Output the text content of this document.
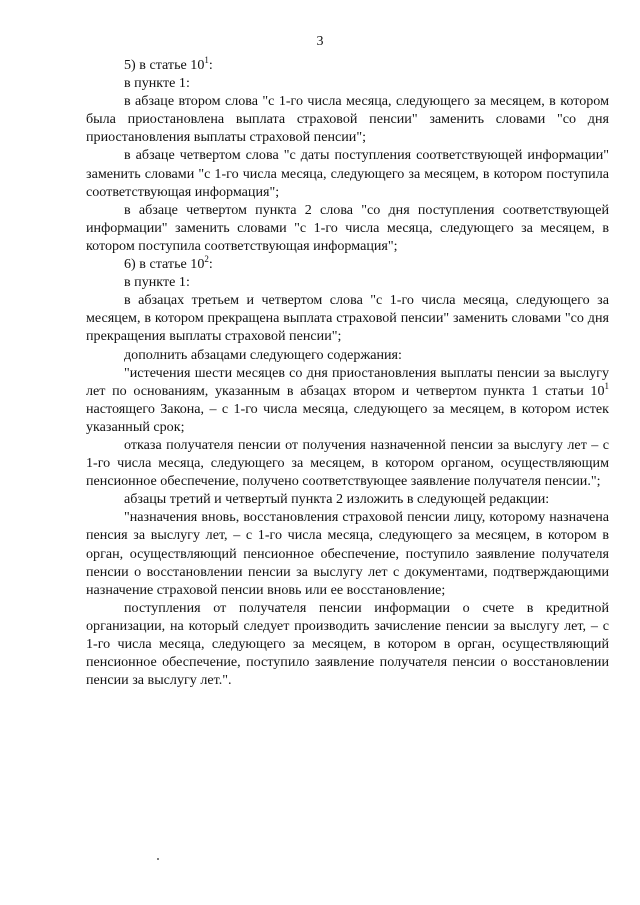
3

5) в статье $10^1$:

в пункте 1:

в абзаце втором слова "с 1-го числа месяца, следующего за месяцем, в котором была приостановлена выплата страховой пенсии" заменить словами "со дня приостановления выплаты страховой пенсии";

в абзаце четвертом слова "с даты поступления соответствующей информации" заменить словами "с 1-го числа месяца, следующего за месяцем, в котором поступила соответствующая информация";

в абзаце четвертом пункта 2 слова "со дня поступления соответствующей информации" заменить словами "с 1-го числа месяца, следующего за месяцем, в котором поступила соответствующая информация";

6) в статье $10^2$:

в пункте 1:

в абзацах третьем и четвертом слова "с 1-го числа месяца, следующего за месяцем, в котором прекращена выплата страховой пенсии" заменить словами "со дня прекращения выплаты страховой пенсии";

дополнить абзацами следующего содержания:

"истечения шести месяцев со дня приостановления выплаты пенсии за выслугу лет по основаниям, указанным в абзацах втором и четвертом пункта 1 статьи $10^1$ настоящего Закона, – с 1-го числа месяца, следующего за месяцем, в котором истек указанный срок;

отказа получателя пенсии от получения назначенной пенсии за выслугу лет – с 1-го числа месяца, следующего за месяцем, в котором органом, осуществляющим пенсионное обеспечение, получено соответствующее заявление получателя пенсии.";

абзацы третий и четвертый пункта 2 изложить в следующей редакции:

"назначения вновь, восстановления страховой пенсии лицу, которому назначена пенсия за выслугу лет, – с 1-го числа месяца, следующего за месяцем, в котором в орган, осуществляющий пенсионное обеспечение, поступило заявление получателя пенсии о восстановлении пенсии за выслугу лет с документами, подтверждающими назначение страховой пенсии вновь или ее восстановление;

поступления от получателя пенсии информации о счете в кредитной организации, на который следует производить зачисление пенсии за выслугу лет, – с 1-го числа месяца, следующего за месяцем, в котором в орган, осуществляющий пенсионное обеспечение, поступило заявление получателя пенсии о восстановлении пенсии за выслугу лет.".
